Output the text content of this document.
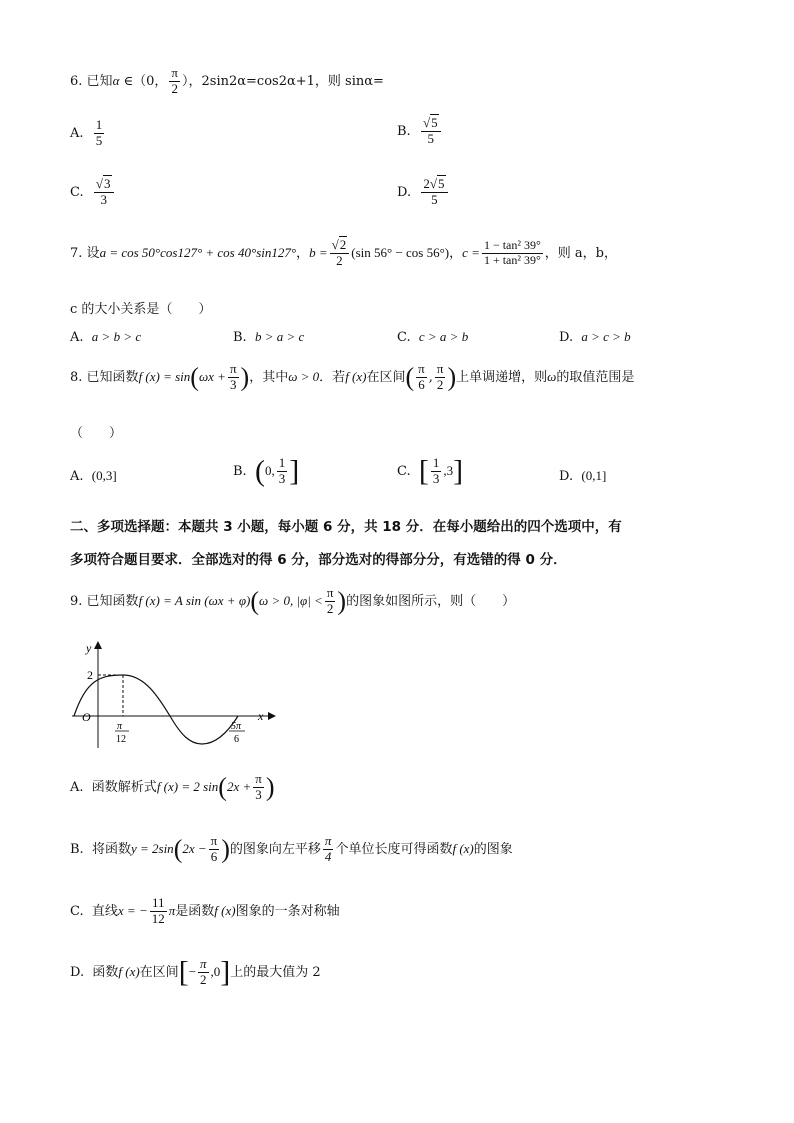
6. 已知α ∈（0， $\frac{\pi}{2}$ ），2sin2α=cos2α+1，则 sinα=
A. $\frac{1}{5}$	B. $\frac{√5}{5}$
C. $\frac{√3}{3}$	D. $\frac{2√5}{5}$
7. 设a = cos 50°cos127° + cos 40°sin127°，$b = \frac{√2}{2} (\sin$ 56° − cos 56°)，$c = \frac{\text{1 − tan² 39°}}{\text{1 + tan² 39°}}$ ，则 a，b，
c 的大小关系是（　　）
A. a > b > c	B. b > a > c	C. c > a > b	D. a > c > b
8. 已知函数f $(x) = \sin(\omega x + \frac{\pi}{3}$ )，其中ω > 0．若f (x)在区间( $\frac{\pi}{6}$ , $\frac{\pi}{2}$ )上单调递增，则ω的取值范围是
（　　）
A. (0,3]	B. (0, $\frac{1}{3}$ ]	C. [ $\frac{1}{3} ,3$]	D. (0,1]
二、多项选择题：本题共 3 小题，每小题 6 分，共 18 分．在每小题给出的四个选项中，有
多项符合题目要求．全部选对的得 6 分，部分选对的得部分分，有选错的得 0 分．
9. 已知函数f (x) = A sin (ωx + φ)(ω > 0, $|\varphi| < \frac{\pi}{2}$ )的图象如图所示，则（　　）
y
x
O
2
π
12
5π
6
A. 函数解析式f (x) = 2 $\sin(2x + \frac{\pi}{3}$ )
B. 将函数$y = 2\sin(2x - \frac{\pi}{6}$ )的图象向左平移 $\frac{\pi}{4}$ 个单位长度可得函数f (x)的图象
C. 直线x = − $\frac{11}{12}$ π是函数f (x)图象的一条对称轴
D. 函数f (x)在区间[− $\frac{\pi}{2} ,0$]上的最大值为 2
